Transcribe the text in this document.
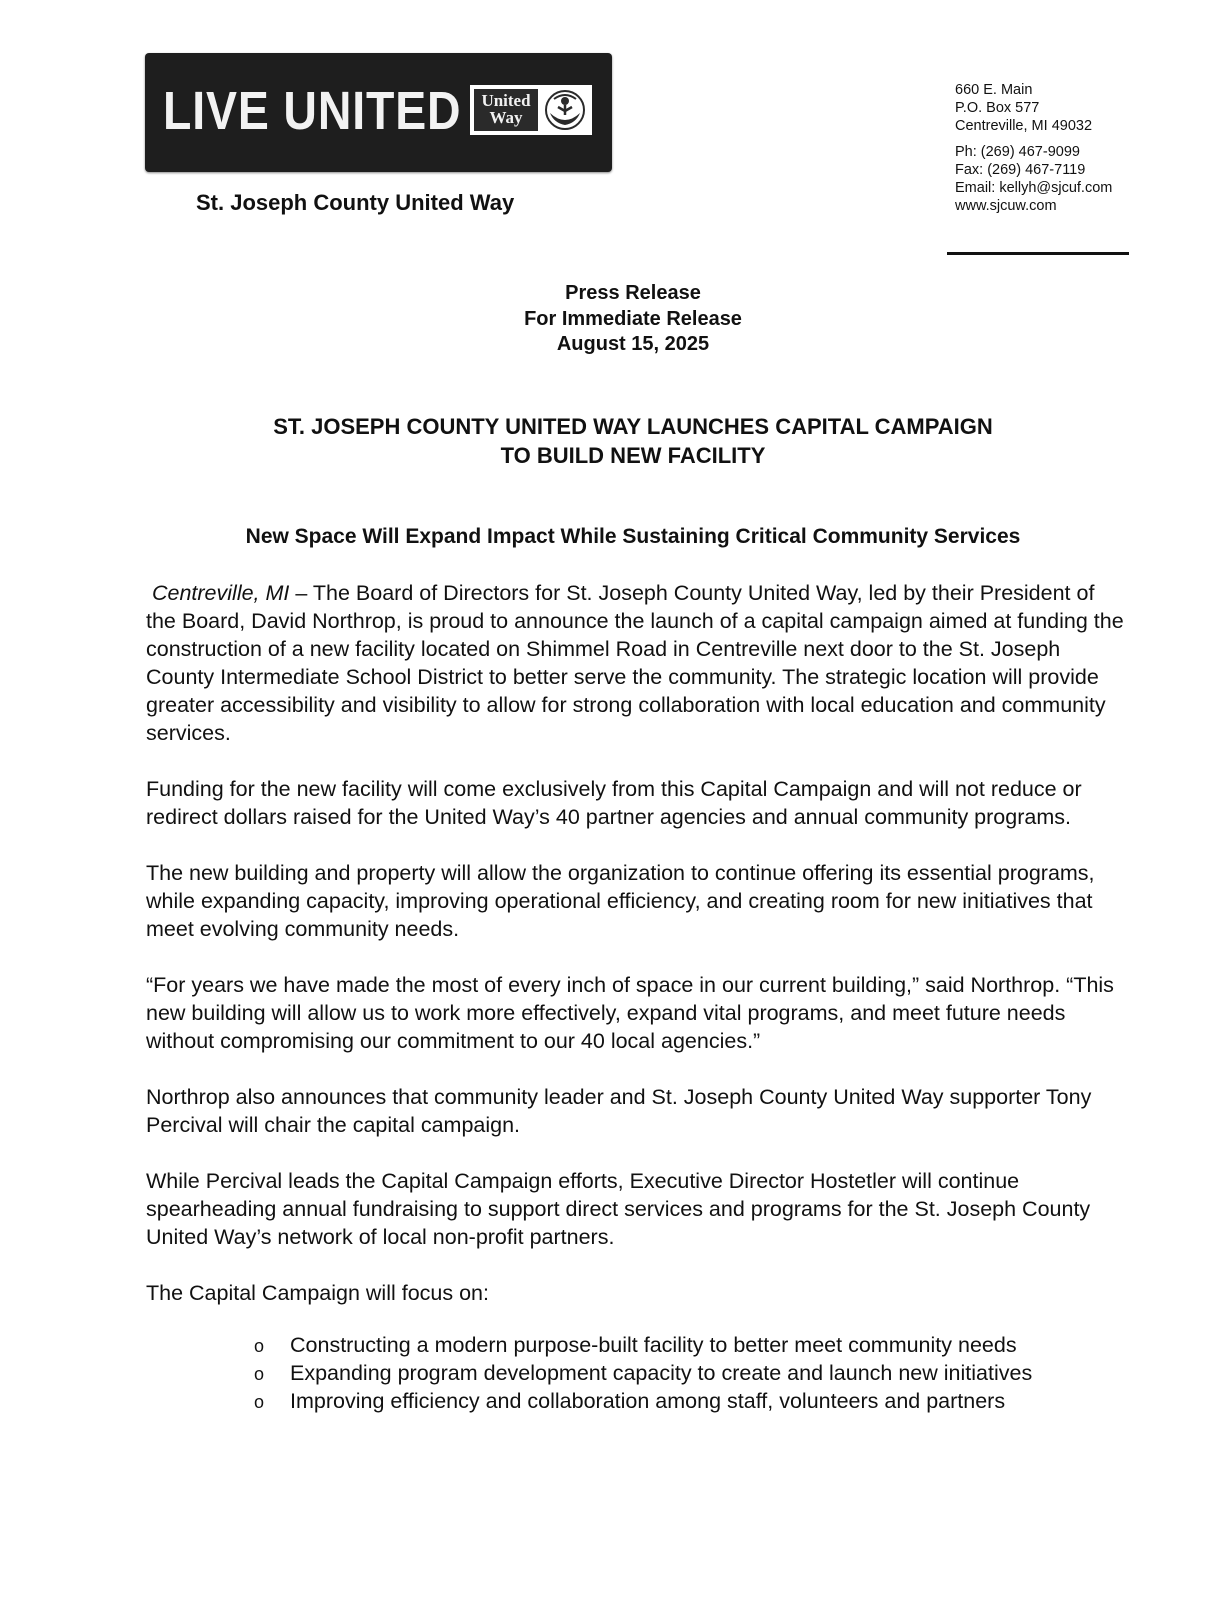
LIVE UNITED	United
Way
St. Joseph County United Way
660 E. Main
P.O. Box 577
Centreville, MI 49032
Ph: (269) 467-9099
Fax: (269) 467-7119
Email: kellyh@sjcuf.com
www.sjcuw.com
Press Release
For Immediate Release
August 15, 2025
ST. JOSEPH COUNTY UNITED WAY LAUNCHES CAPITAL CAMPAIGN
TO BUILD NEW FACILITY
New Space Will Expand Impact While Sustaining Critical Community Services

Centreville, MI – The Board of Directors for St. Joseph County United Way, led by their President of the Board, David Northrop, is proud to announce the launch of a capital campaign aimed at funding the construction of a new facility located on Shimmel Road in Centreville next door to the St. Joseph County Intermediate School District to better serve the community. The strategic location will provide greater accessibility and visibility to allow for strong collaboration with local education and community services.

Funding for the new facility will come exclusively from this Capital Campaign and will not reduce or redirect dollars raised for the United Way’s 40 partner agencies and annual community programs.

The new building and property will allow the organization to continue offering its essential programs, while expanding capacity, improving operational efficiency, and creating room for new initiatives that meet evolving community needs.

“For years we have made the most of every inch of space in our current building,” said Northrop. “This new building will allow us to work more effectively, expand vital programs, and meet future needs without compromising our commitment to our 40 local agencies.”

Northrop also announces that community leader and St. Joseph County United Way supporter Tony Percival will chair the capital campaign.

While Percival leads the Capital Campaign efforts, Executive Director Hostetler will continue spearheading annual fundraising to support direct services and programs for the St. Joseph County United Way’s network of local non-profit partners.

The Capital Campaign will focus on:

o Constructing a modern purpose-built facility to better meet community needs
o Expanding program development capacity to create and launch new initiatives
o Improving efficiency and collaboration among staff, volunteers and partners
